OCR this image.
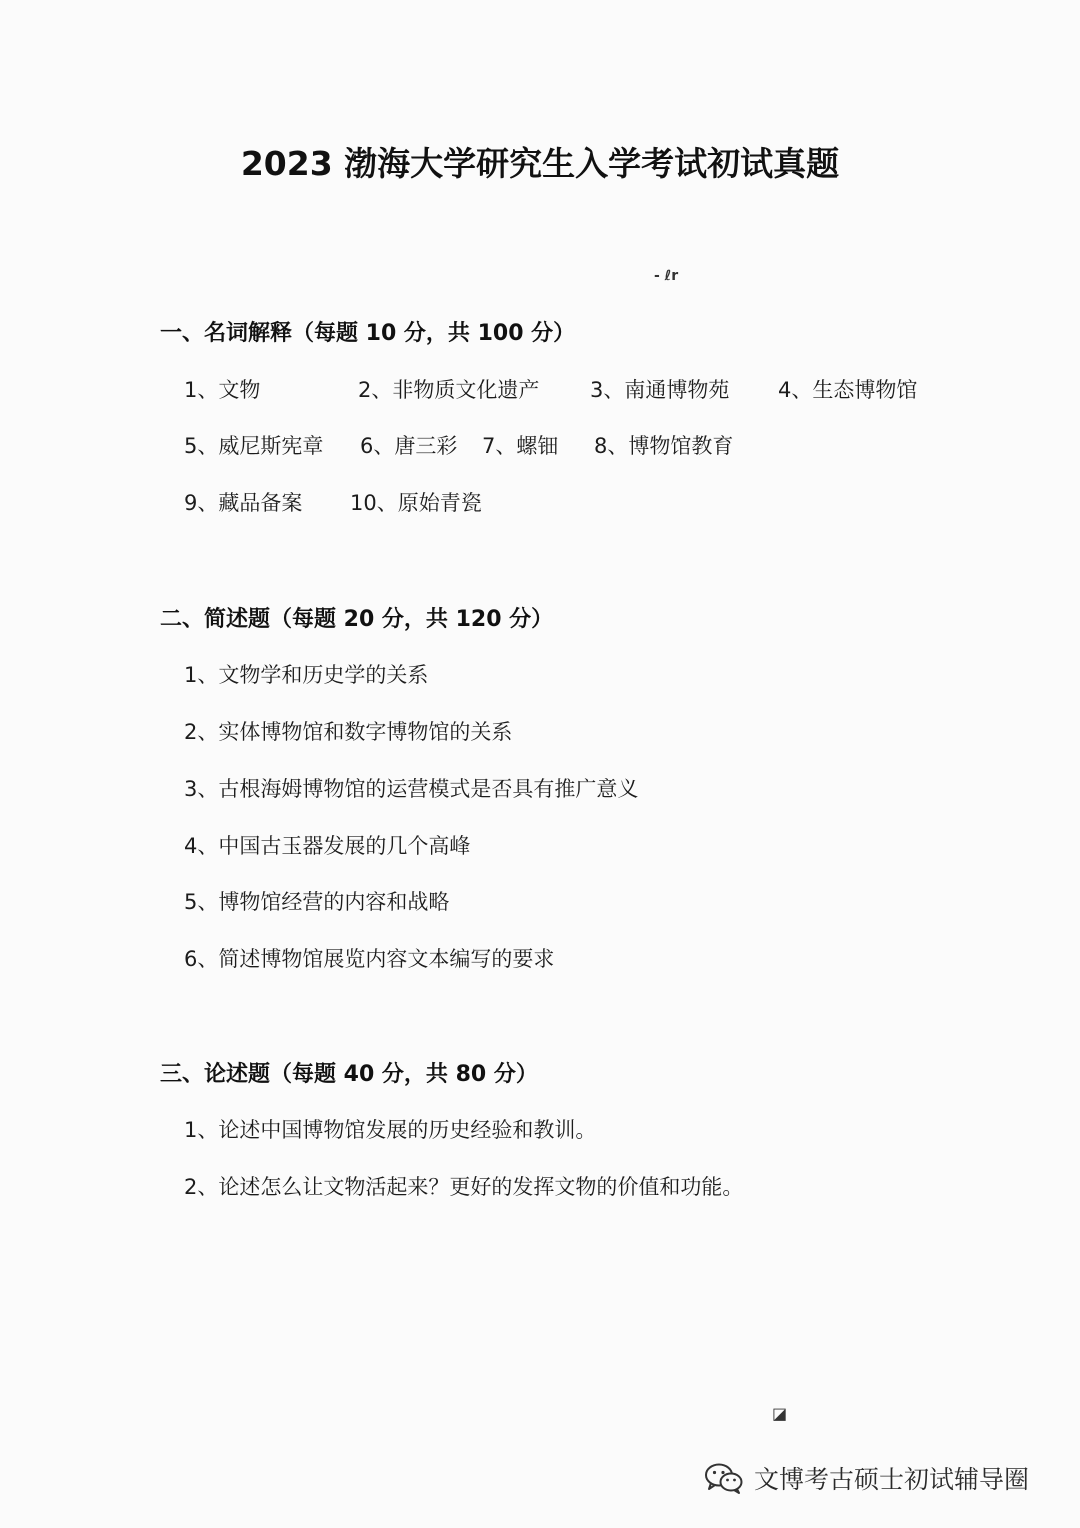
2023 渤海大学研究生入学考试初试真题
- ℓr
一、名词解释（每题 10 分，共 100 分）
1、文物	2、非物质文化遗产 3、南通博物苑 4、生态博物馆
5、威尼斯宪章 6、唐三彩 7、螺钿 8、博物馆教育
9、藏品备案 10、原始青瓷
二、简述题（每题 20 分，共 120 分）
1、文物学和历史学的关系
2、实体博物馆和数字博物馆的关系
3、古根海姆博物馆的运营模式是否具有推广意义
4、中国古玉器发展的几个高峰
5、博物馆经营的内容和战略
6、简述博物馆展览内容文本编写的要求
三、论述题（每题 40 分，共 80 分）
1、论述中国博物馆发展的历史经验和教训。
2、论述怎么让文物活起来？更好的发挥文物的价值和功能。
◪
文博考古硕士初试辅导圈
